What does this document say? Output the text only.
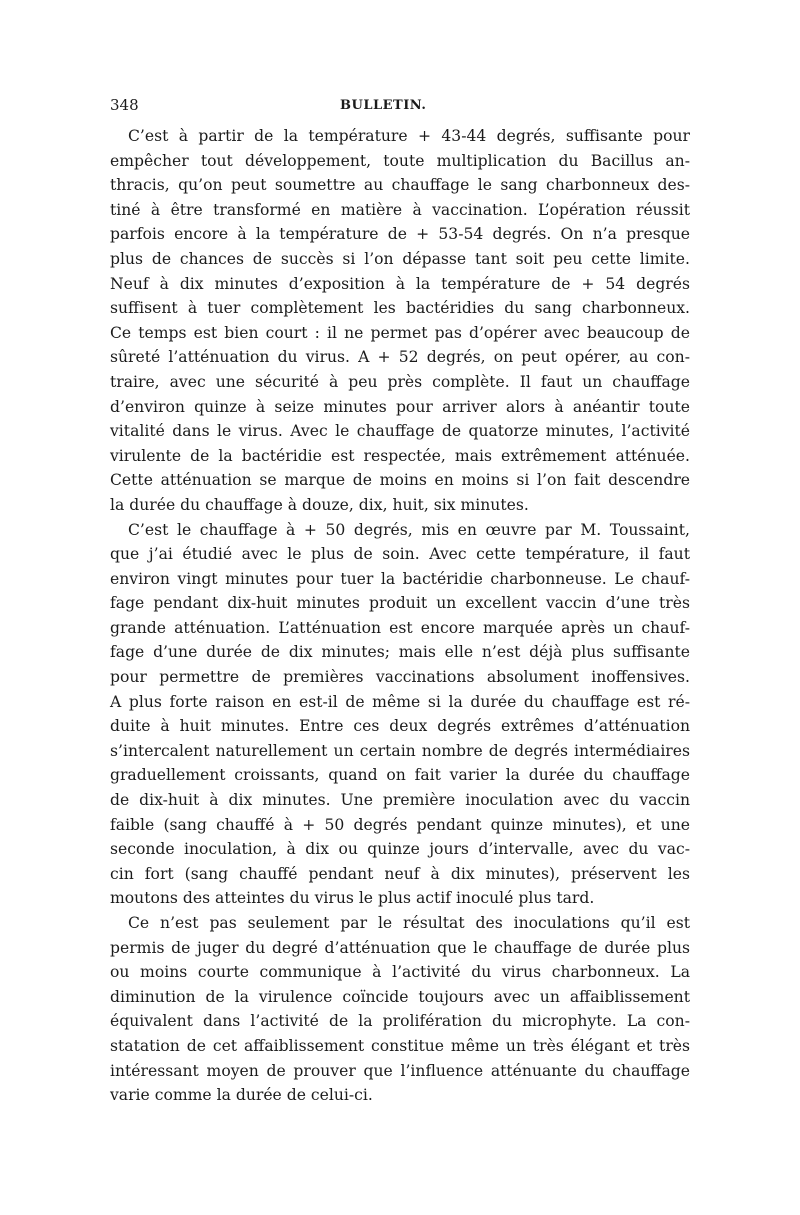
348	BULLETIN.
C’est à partir de la température + 43-44 degrés, suffisante pour
empêcher tout développement, toute multiplication du Bacillus an-
thracis, qu’on peut soumettre au chauffage le sang charbonneux des-
tiné à être transformé en matière à vaccination. L’opération réussit
parfois encore à la température de + 53-54 degrés. On n’a presque
plus de chances de succès si l’on dépasse tant soit peu cette limite.
Neuf à dix minutes d’exposition à la température de + 54 degrés
suffisent à tuer complètement les bactéridies du sang charbonneux.
Ce temps est bien court : il ne permet pas d’opérer avec beaucoup de
sûreté l’atténuation du virus. A + 52 degrés, on peut opérer, au con-
traire, avec une sécurité à peu près complète. Il faut un chauffage
d’environ quinze à seize minutes pour arriver alors à anéantir toute
vitalité dans le virus. Avec le chauffage de quatorze minutes, l’activité
virulente de la bactéridie est respectée, mais extrêmement atténuée.
Cette atténuation se marque de moins en moins si l’on fait descendre
la durée du chauffage à douze, dix, huit, six minutes.
C’est le chauffage à + 50 degrés, mis en œuvre par M. Toussaint,
que j’ai étudié avec le plus de soin. Avec cette température, il faut
environ vingt minutes pour tuer la bactéridie charbonneuse. Le chauf-
fage pendant dix-huit minutes produit un excellent vaccin d’une très
grande atténuation. L’atténuation est encore marquée après un chauf-
fage d’une durée de dix minutes; mais elle n’est déjà plus suffisante
pour permettre de premières vaccinations absolument inoffensives.
A plus forte raison en est-il de même si la durée du chauffage est ré-
duite à huit minutes. Entre ces deux degrés extrêmes d’atténuation
s’intercalent naturellement un certain nombre de degrés intermédiaires
graduellement croissants, quand on fait varier la durée du chauffage
de dix-huit à dix minutes. Une première inoculation avec du vaccin
faible (sang chauffé à + 50 degrés pendant quinze minutes), et une
seconde inoculation, à dix ou quinze jours d’intervalle, avec du vac-
cin fort (sang chauffé pendant neuf à dix minutes), préservent les
moutons des atteintes du virus le plus actif inoculé plus tard.
Ce n’est pas seulement par le résultat des inoculations qu’il est
permis de juger du degré d’atténuation que le chauffage de durée plus
ou moins courte communique à l’activité du virus charbonneux. La
diminution de la virulence coïncide toujours avec un affaiblissement
équivalent dans l’activité de la prolifération du microphyte. La con-
statation de cet affaiblissement constitue même un très élégant et très
intéressant moyen de prouver que l’influence atténuante du chauffage
varie comme la durée de celui-ci.
